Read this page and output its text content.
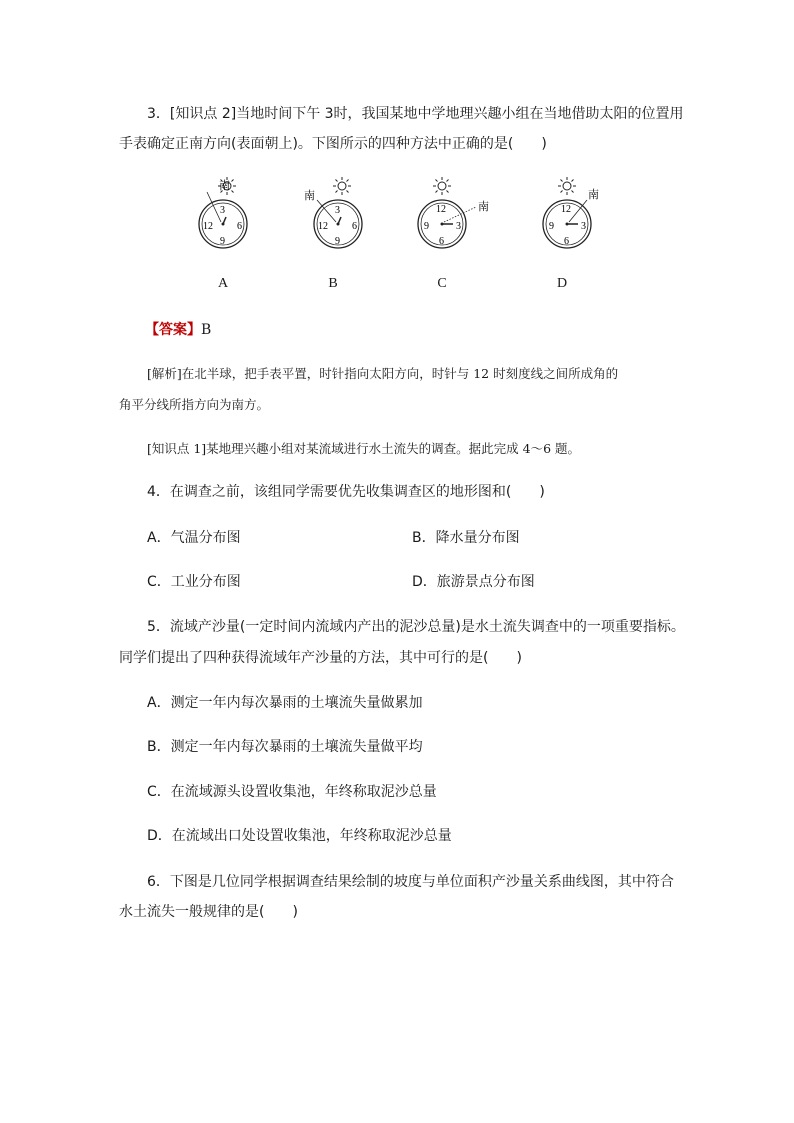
3．[知识点 2]当地时间下午 3时，我国某地中学地理兴趣小组在当地借助太阳的位置用
手表确定正南方向(表面朝上)。下图所示的四种方法中正确的是(　　)
南
3
6
9
12
南
3
6
9
12
南
12
3
6
9
南
12
3
6
9
A	B	C	D
【答案】B
[解析]在北半球，把手表平置，时针指向太阳方向，时针与 12 时刻度线之间所成角的
角平分线所指方向为南方。
[知识点 1]某地理兴趣小组对某流域进行水土流失的调查。据此完成 4～6 题。
4．在调查之前，该组同学需要优先收集调查区的地形图和(　　)
A．气温分布图	B．降水量分布图
C．工业分布图	D．旅游景点分布图
5．流域产沙量(一定时间内流域内产出的泥沙总量)是水土流失调查中的一项重要指标。
同学们提出了四种获得流域年产沙量的方法，其中可行的是(　　)
A．测定一年内每次暴雨的土壤流失量做累加
B．测定一年内每次暴雨的土壤流失量做平均
C．在流域源头设置收集池，年终称取泥沙总量
D．在流域出口处设置收集池，年终称取泥沙总量
6．下图是几位同学根据调查结果绘制的坡度与单位面积产沙量关系曲线图，其中符合
水土流失一般规律的是(　　)
